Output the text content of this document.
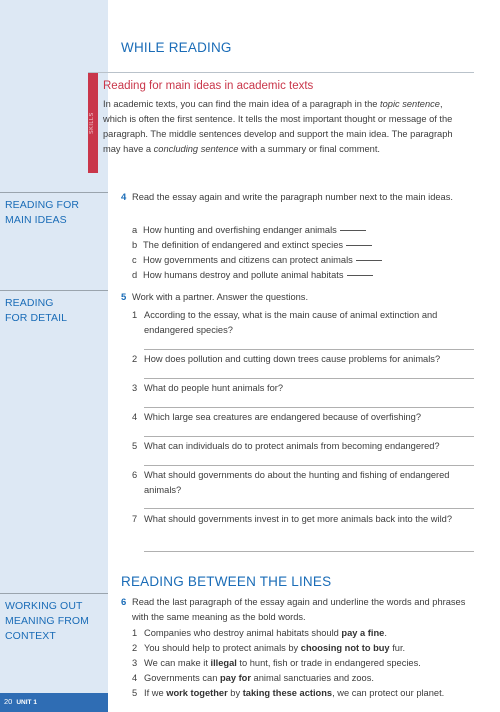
READING FOR
MAIN IDEAS
READING
FOR DETAIL
WORKING OUT
MEANING FROM
CONTEXT
20 UNIT 1
WHILE READING
SKILLS
Reading for main ideas in academic texts
In academic texts, you can find the main idea of a paragraph in the topic sentence, which is often the first sentence. It tells the most important thought or message of the paragraph. The middle sentences develop and support the main idea. The paragraph may have a concluding sentence with a summary or final comment.
4 Read the essay again and write the paragraph number next to the main ideas.
a How hunting and overfishing endanger animals
b The definition of endangered and extinct species
c How governments and citizens can protect animals
d How humans destroy and pollute animal habitats
5 Work with a partner. Answer the questions.
1 According to the essay, what is the main cause of animal extinction and endangered species?
2 How does pollution and cutting down trees cause problems for animals?
3 What do people hunt animals for?
4 Which large sea creatures are endangered because of overfishing?
5 What can individuals do to protect animals from becoming endangered?
6 What should governments do about the hunting and fishing of endangered animals?
7 What should governments invest in to get more animals back into the wild?
READING BETWEEN THE LINES
6 Read the last paragraph of the essay again and underline the words and phrases with the same meaning as the bold words.
1 Companies who destroy animal habitats should pay a fine.
2 You should help to protect animals by choosing not to buy fur.
3 We can make it illegal to hunt, fish or trade in endangered species.
4 Governments can pay for animal sanctuaries and zoos.
5 If we work together by taking these actions, we can protect our planet.
